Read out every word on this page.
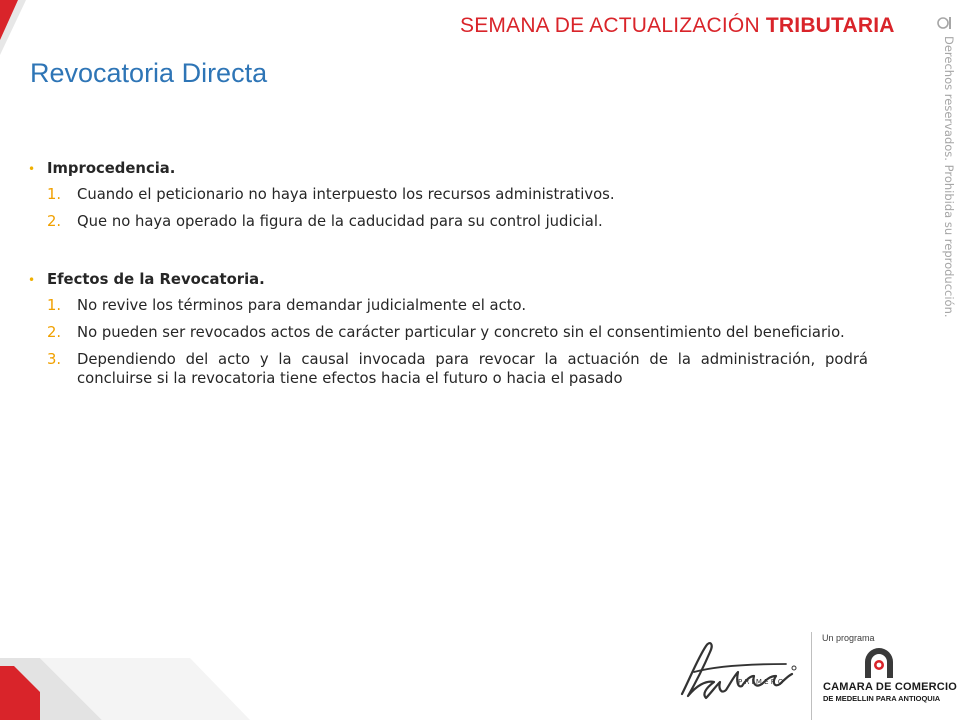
SEMANA DE ACTUALIZACIÓN TRIBUTARIA
Derechos reservados. Prohibida su reproducción.
Revocatoria Directa
• Improcedencia.
1.	Cuando el peticionario no haya interpuesto los recursos administrativos.
2.	Que no haya operado la figura de la caducidad para su control judicial.
• Efectos de la Revocatoria.
1.	No revive los términos para demandar judicialmente el acto.
2.	No pueden ser revocados actos de carácter particular y concreto sin el consentimiento del beneficiario.
3.	Dependiendo del acto y la causal invocada para revocar la actuación de la administración, podrá concluirse si la revocatoria tiene efectos hacia el futuro o hacia el pasado
P R I M E R O
Un programa
CAMARA DE COMERCIO
DE MEDELLIN PARA ANTIOQUIA
